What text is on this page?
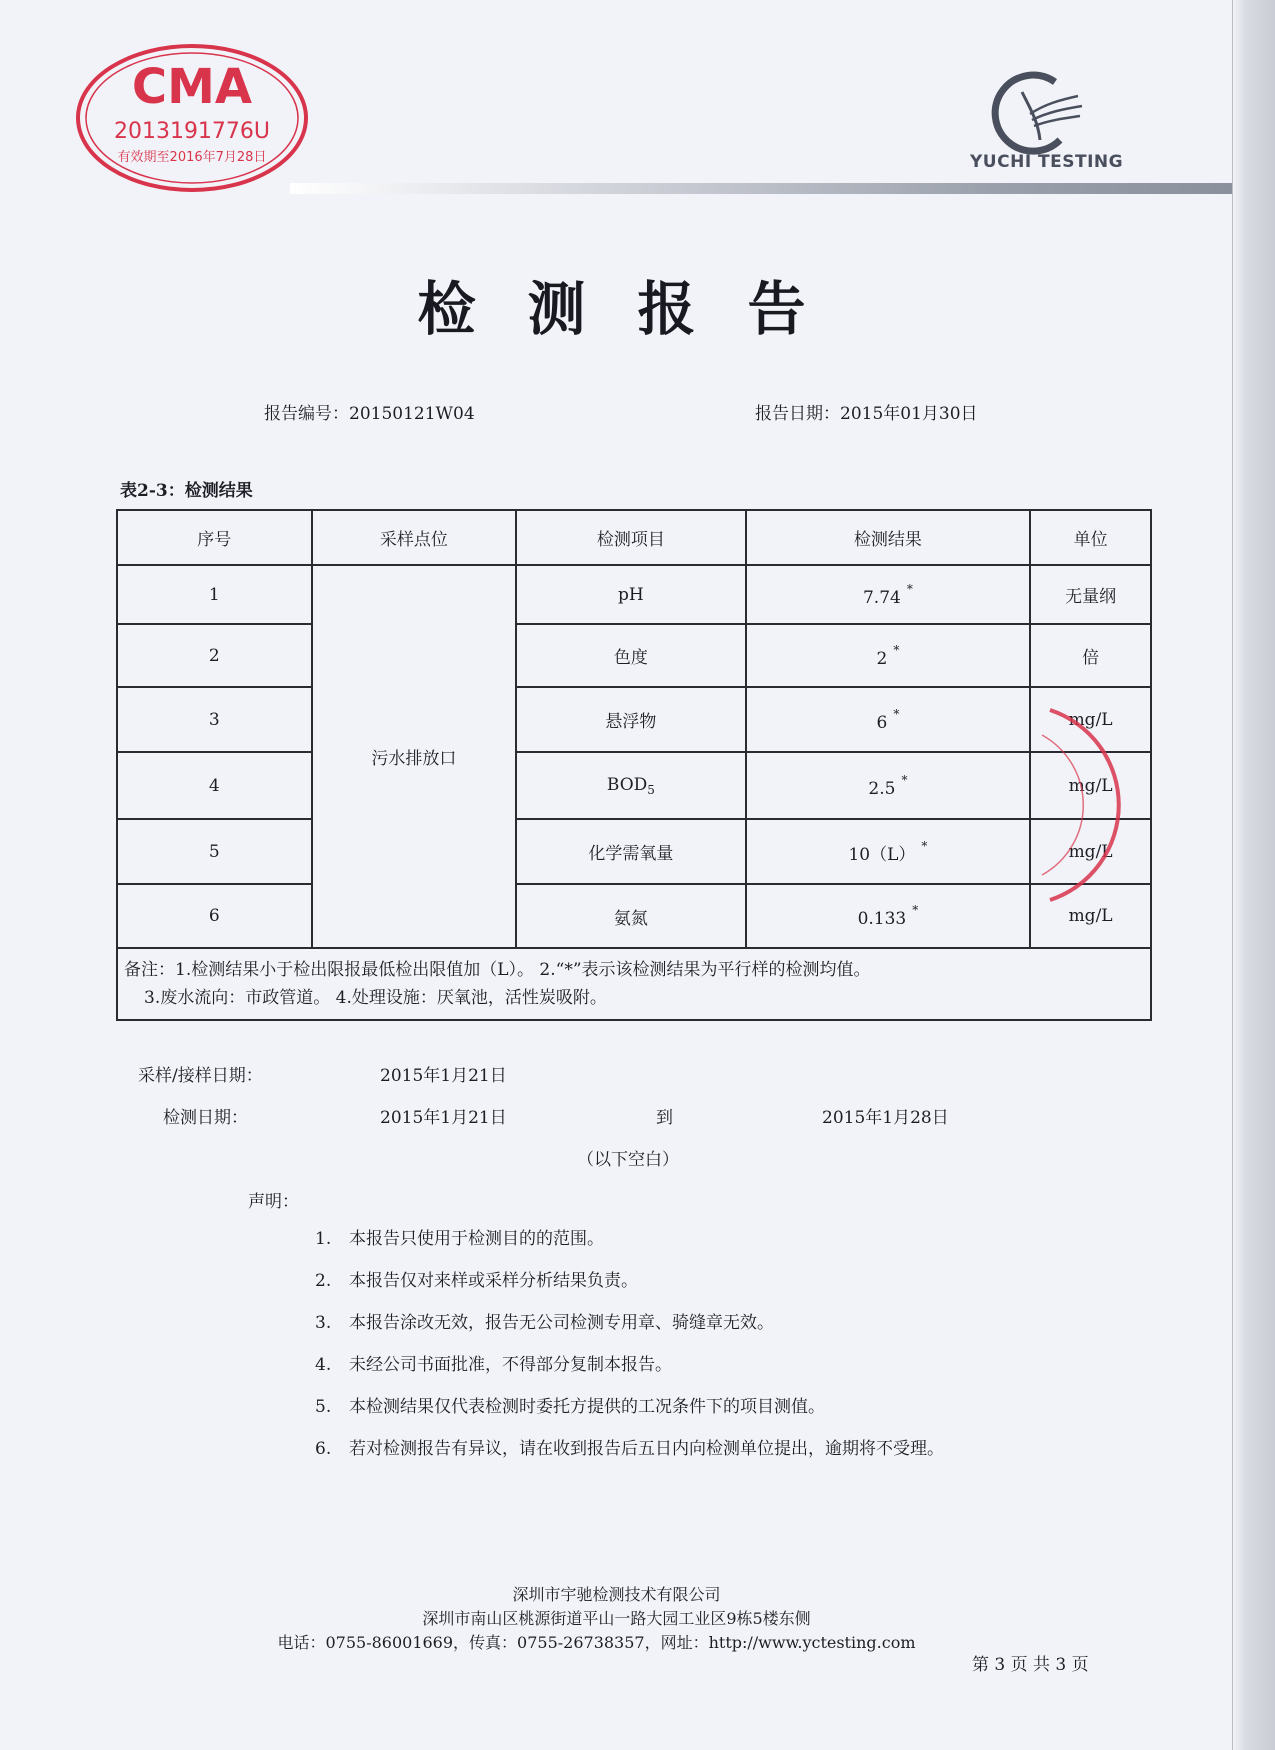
CMA
2013191776U
有效期至2016年7月28日	YUCHI TESTING
检测报告
报告编号：20150121W04	报告日期：2015年01月30日
表2-3：检测结果
序号	采样点位	检测项目	检测结果	单位
1	污水排放口	pH	7.74 *	无量纲
2		色度	2 *	倍
3		悬浮物	6 *	mg/L
4		$BOD_5$	2.5 *	mg/L
5		化学需氧量	10（L） *	mg/L
6		氨氮	0.133 *	mg/L

备注：1.检测结果小于检出限报最低检出限值加（L）。 2.“*”表示该检测结果为平行样的检测均值。
3.废水流向：市政管道。 4.处理设施：厌氧池，活性炭吸附。				
采样/接样日期：	2015年1月21日
检测日期：	2015年1月21日	到	2015年1月28日
（以下空白）
声明：
1. 本报告只使用于检测目的的范围。
2. 本报告仅对来样或采样分析结果负责。
3. 本报告涂改无效，报告无公司检测专用章、骑缝章无效。
4. 未经公司书面批准，不得部分复制本报告。
5. 本检测结果仅代表检测时委托方提供的工况条件下的项目测值。
6. 若对检测报告有异议，请在收到报告后五日内向检测单位提出，逾期将不受理。
深圳市宇驰检测技术有限公司
深圳市南山区桃源街道平山一路大园工业区9栋5楼东侧
电话：0755-86001669，传真：0755-26738357，网址：http://www.yctesting.com
第 3 页 共 3 页
